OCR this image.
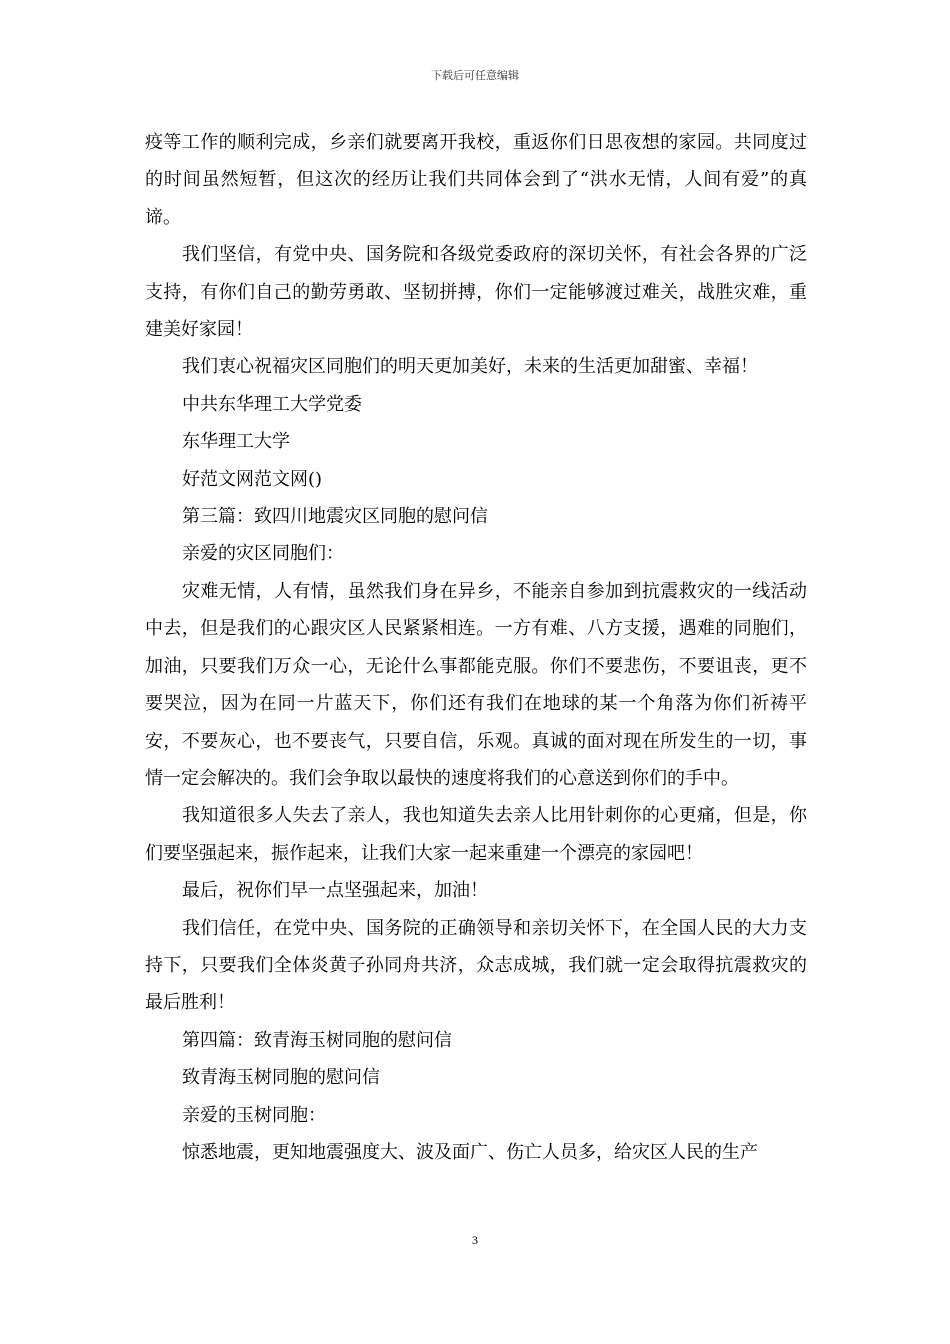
下载后可任意编辑

疫等工作的顺利完成，乡亲们就要离开我校，重返你们日思夜想的家园。共同度过的时间虽然短暂，但这次的经历让我们共同体会到了“洪水无情，人间有爱”的真谛。

我们坚信，有党中央、国务院和各级党委政府的深切关怀，有社会各界的广泛支持，有你们自己的勤劳勇敢、坚韧拼搏，你们一定能够渡过难关，战胜灾难，重建美好家园！

我们衷心祝福灾区同胞们的明天更加美好，未来的生活更加甜蜜、幸福！

中共东华理工大学党委

东华理工大学

好范文网范文网()

第三篇：致四川地震灾区同胞的慰问信

亲爱的灾区同胞们：

灾难无情，人有情，虽然我们身在异乡，不能亲自参加到抗震救灾的一线活动中去，但是我们的心跟灾区人民紧紧相连。一方有难、八方支援，遇难的同胞们，加油，只要我们万众一心，无论什么事都能克服。你们不要悲伤，不要诅丧，更不要哭泣，因为在同一片蓝天下，你们还有我们在地球的某一个角落为你们祈祷平安，不要灰心，也不要丧气，只要自信，乐观。真诚的面对现在所发生的一切，事情一定会解决的。我们会争取以最快的速度将我们的心意送到你们的手中。

我知道很多人失去了亲人，我也知道失去亲人比用针刺你的心更痛，但是，你们要坚强起来，振作起来，让我们大家一起来重建一个漂亮的家园吧！

最后，祝你们早一点坚强起来，加油！

我们信任，在党中央、国务院的正确领导和亲切关怀下，在全国人民的大力支持下，只要我们全体炎黄子孙同舟共济，众志成城，我们就一定会取得抗震救灾的最后胜利！

第四篇：致青海玉树同胞的慰问信

致青海玉树同胞的慰问信

亲爱的玉树同胞：

惊悉地震，更知地震强度大、波及面广、伤亡人员多，给灾区人民的生产

3
